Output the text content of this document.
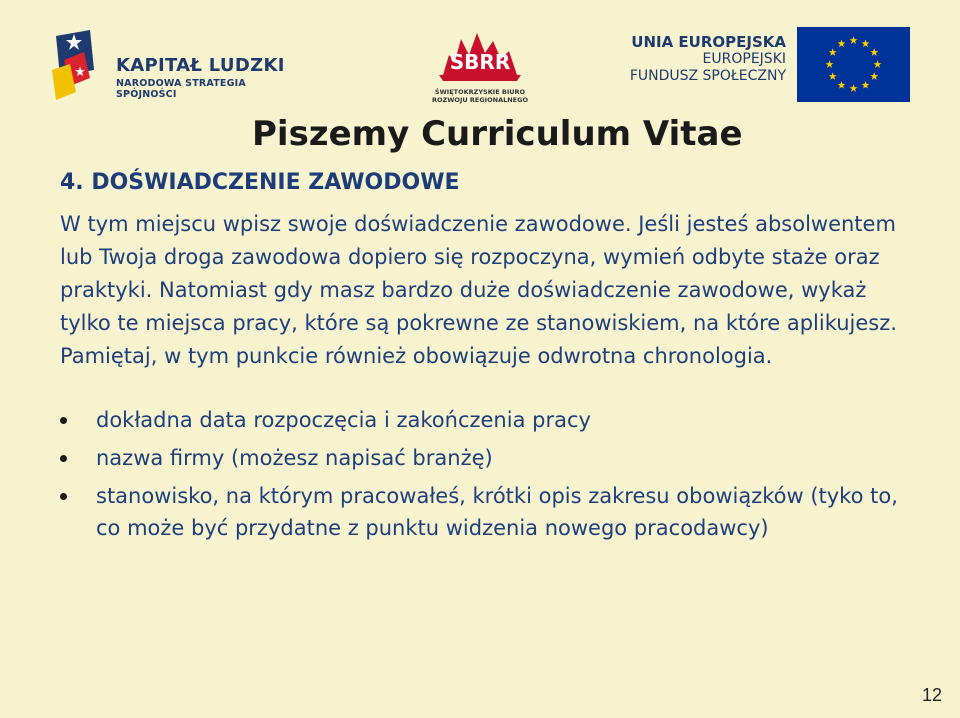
KAPITAŁ LUDZKI
NARODOWA STRATEGIA SPÓJNOŚCI
SBRR
ŚWIĘTOKRZYSKIE BIURO
ROZWOJU REGIONALNEGO
UNIA EUROPEJSKA
EUROPEJSKI
FUNDUSZ SPOŁECZNY
Piszemy Curriculum Vitae
4. DOŚWIADCZENIE ZAWODOWE

W tym miejscu wpisz swoje doświadczenie zawodowe. Jeśli jesteś absolwentem lub Twoja droga zawodowa dopiero się rozpoczyna, wymień odbyte staże oraz praktyki. Natomiast gdy masz bardzo duże doświadczenie zawodowe, wykaż tylko te miejsca pracy, które są pokrewne ze stanowiskiem, na które aplikujesz. Pamiętaj, w tym punkcie również obowiązuje odwrotna chronologia.

dokładna data rozpoczęcia i zakończenia pracy
nazwa firmy (możesz napisać branżę)
stanowisko, na którym pracowałeś, krótki opis zakresu obowiązków (tyko to, co może być przydatne z punktu widzenia nowego pracodawcy)
12
